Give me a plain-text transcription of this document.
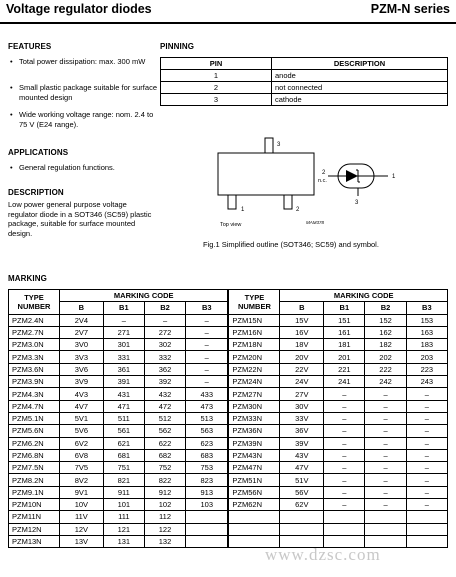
Voltage regulator diodes	PZM-N series
FEATURES
• Total power dissipation: max. 300 mW
• Small plastic package suitable for surface mounted design
• Wide working voltage range: nom. 2.4 to 75 V (E24 range).
APPLICATIONS
• General regulation functions.
DESCRIPTION
Low power general purpose voltage regulator diode in a SOT346 (SC59) plastic package, suitable for surface mounted design.
PINNING
PIN	DESCRIPTION
1	anode
2	not connected
3	cathode
3
1	2
Top view	MAM378
2
n.c.
1
3
Fig.1 Simplified outline (SOT346; SC59) and symbol.
MARKING
TYPE NUMBER	MARKING CODE				TYPE NUMBER	MARKING CODE			
	B	B1	B2	B3		B	B1	B2	B3
PZM2.4N	2V4	–	–	–	PZM15N	15V	151	152	153
PZM2.7N	2V7	271	272	–	PZM16N	16V	161	162	163
PZM3.0N	3V0	301	302	–	PZM18N	18V	181	182	183
PZM3.3N	3V3	331	332	–	PZM20N	20V	201	202	203
PZM3.6N	3V6	361	362	–	PZM22N	22V	221	222	223
PZM3.9N	3V9	391	392	–	PZM24N	24V	241	242	243
PZM4.3N	4V3	431	432	433	PZM27N	27V	–	–	–
PZM4.7N	4V7	471	472	473	PZM30N	30V	–	–	–
PZM5.1N	5V1	511	512	513	PZM33N	33V	–	–	–
PZM5.6N	5V6	561	562	563	PZM36N	36V	–	–	–
PZM6.2N	6V2	621	622	623	PZM39N	39V	–	–	–
PZM6.8N	6V8	681	682	683	PZM43N	43V	–	–	–
PZM7.5N	7V5	751	752	753	PZM47N	47V	–	–	–
PZM8.2N	8V2	821	822	823	PZM51N	51V	–	–	–
PZM9.1N	9V1	911	912	913	PZM56N	56V	–	–	–
PZM10N	10V	101	102	103	PZM62N	62V	–	–	–
PZM11N	11V	111	112						
PZM12N	12V	121	122						
PZM13N	13V	131	132						
www.dzsc.com
